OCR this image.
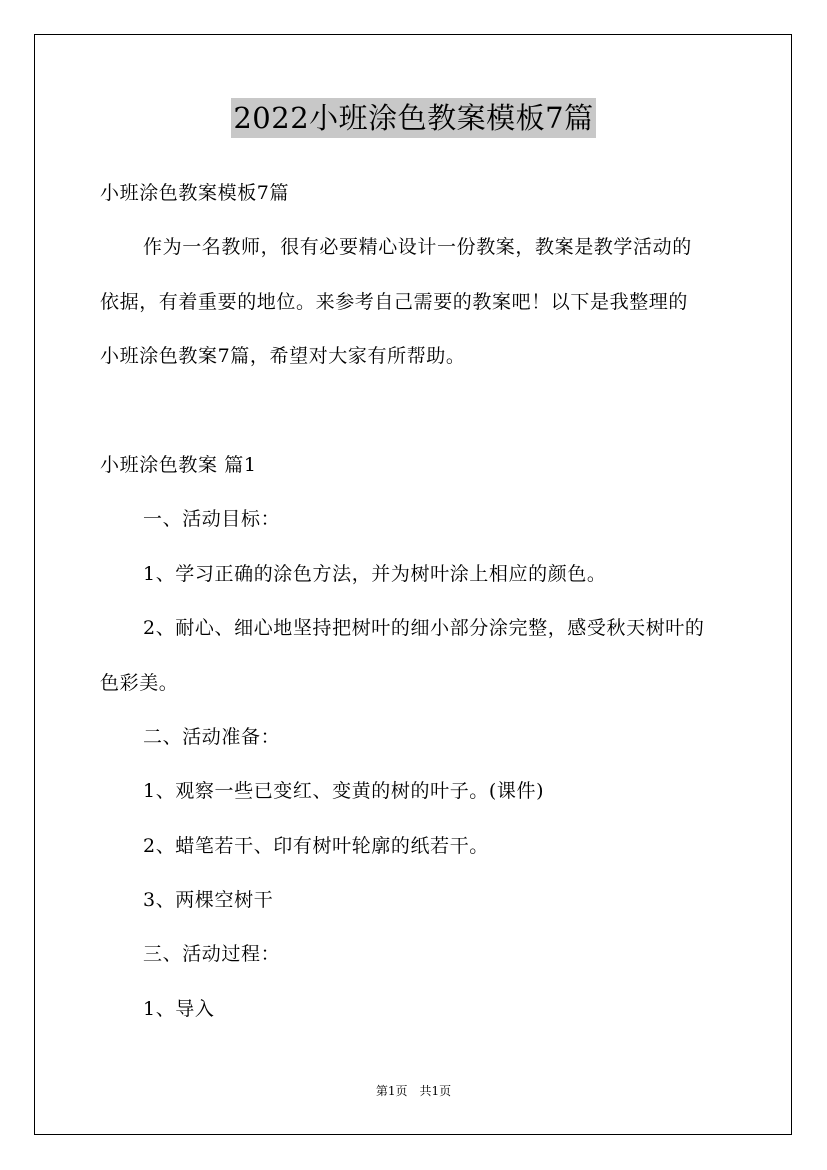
2022小班涂色教案模板7篇
小班涂色教案模板7篇
作为一名教师，很有必要精心设计一份教案，教案是教学活动的
依据，有着重要的地位。来参考自己需要的教案吧！以下是我整理的
小班涂色教案7篇，希望对大家有所帮助。
小班涂色教案 篇1
一、活动目标：
1、学习正确的涂色方法，并为树叶涂上相应的颜色。
2、耐心、细心地坚持把树叶的细小部分涂完整，感受秋天树叶的
色彩美。
二、活动准备：
1、观察一些已变红、变黄的树的叶子。(课件)
2、蜡笔若干、印有树叶轮廓的纸若干。
3、两棵空树干
三、活动过程：
1、导入
第1页　共1页
